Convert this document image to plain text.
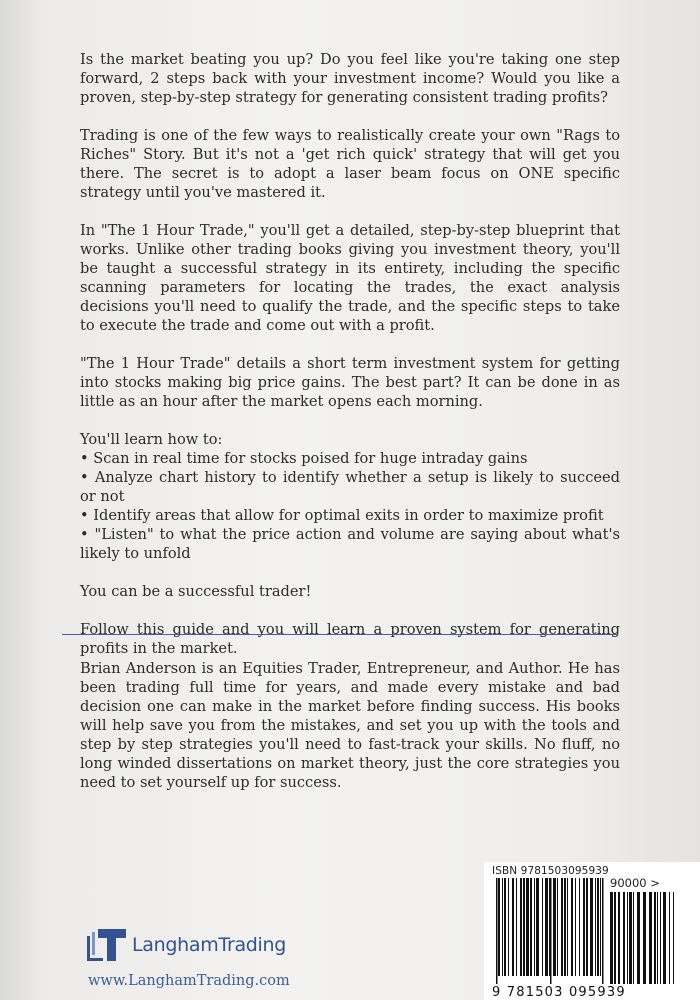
Is the market beating you up? Do you feel like you're taking one step forward, 2 steps back with your investment income? Would you like a proven, step-by-step strategy for generating consistent trading profits?

Trading is one of the few ways to realistically create your own "Rags to Riches" Story. But it's not a 'get rich quick' strategy that will get you there. The secret is to adopt a laser beam focus on ONE specific strategy until you've mastered it.

In "The 1 Hour Trade," you'll get a detailed, step-by-step blueprint that works. Unlike other trading books giving you investment theory, you'll be taught a successful strategy in its entirety, including the specific scanning parameters for locating the trades, the exact analysis decisions you'll need to qualify the trade, and the specific steps to take to execute the trade and come out with a profit.

"The 1 Hour Trade" details a short term investment system for getting into stocks making big price gains. The best part? It can be done in as little as an hour after the market opens each morning.

You'll learn how to:
• Scan in real time for stocks poised for huge intraday gains
• Analyze chart history to identify whether a setup is likely to succeed or not
• Identify areas that allow for optimal exits in order to maximize profit
• "Listen" to what the price action and volume are saying about what's likely to unfold

You can be a successful trader!

Follow this guide and you will learn a proven system for generating profits in the market.

Brian Anderson is an Equities Trader, Entrepreneur, and Author. He has been trading full time for years, and made every mistake and bad decision one can make in the market before finding success. His books will help save you from the mistakes, and set you up with the tools and step by step strategies you'll need to fast-track your skills. No fluff, no long winded dissertations on market theory, just the core strategies you need to set yourself up for success.

LanghamTrading
www.LanghamTrading.com
ISBN 9781503095939
90000 >
9 781503 095939
